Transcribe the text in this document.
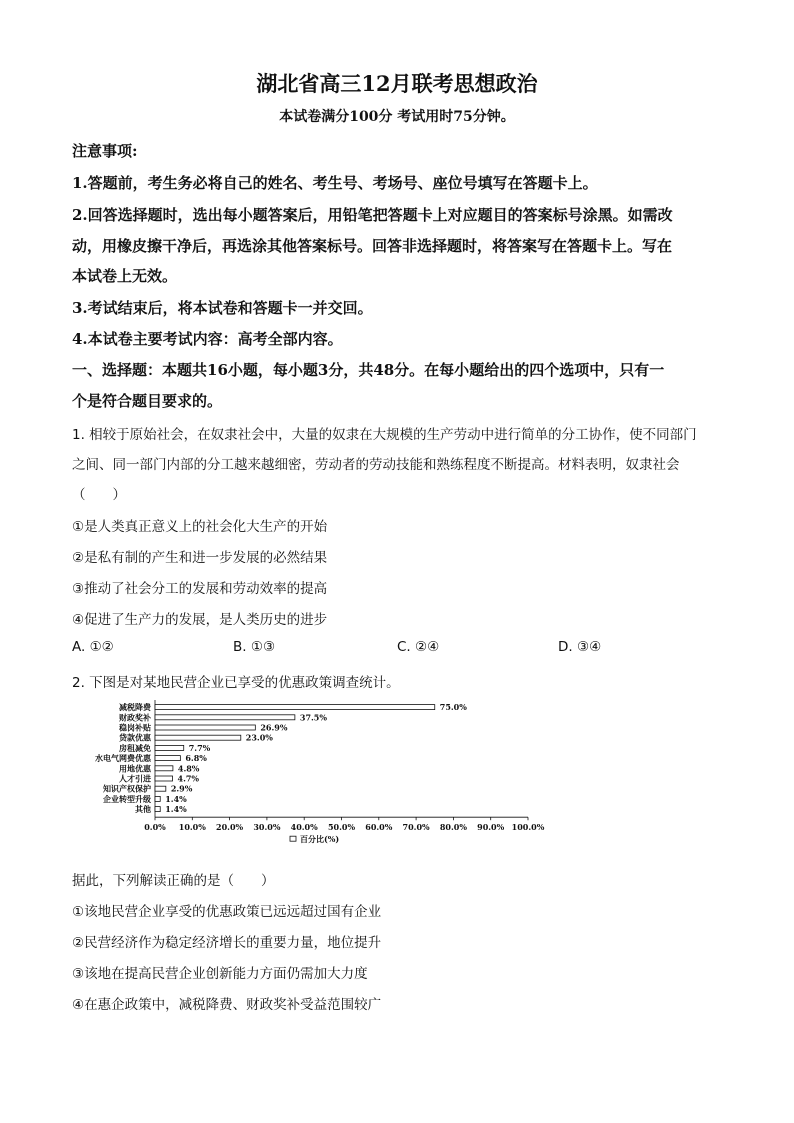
湖北省高三12月联考思想政治
本试卷满分100分 考试用时75分钟。
注意事项:
1.答题前，考生务必将自己的姓名、考生号、考场号、座位号填写在答题卡上。
2.回答选择题时，选出每小题答案后，用铅笔把答题卡上对应题目的答案标号涂黑。如需改
动，用橡皮擦干净后，再选涂其他答案标号。回答非选择题时，将答案写在答题卡上。写在
本试卷上无效。
3.考试结束后，将本试卷和答题卡一并交回。
4.本试卷主要考试内容：高考全部内容。
一、选择题：本题共16小题，每小题3分，共48分。在每小题给出的四个选项中，只有一
个是符合题目要求的。
1. 相较于原始社会，在奴隶社会中，大量的奴隶在大规模的生产劳动中进行简单的分工协作，使不同部门
之间、同一部门内部的分工越来越细密，劳动者的劳动技能和熟练程度不断提高。材料表明，奴隶社会
（　　）
①是人类真正意义上的社会化大生产的开始
②是私有制的产生和进一步发展的必然结果
③推动了社会分工的发展和劳动效率的提高
④促进了生产力的发展，是人类历史的进步
A. ①②	B. ①③	C. ②④	D. ③④
2. 下图是对某地民营企业已享受的优惠政策调查统计。
减税降费	75.0%
财政奖补	37.5%
稳岗补贴	26.9%
贷款优惠	23.0%
房租减免	7.7%
水电气网费优惠	6.8%
用地优惠	4.8%
人才引进	4.7%
知识产权保护 2.9%
企业转型升级 1.4%
其他 1.4%
0.0% 10.0% 20.0% 30.0% 40.0% 50.0% 60.0% 70.0% 80.0% 90.0% 100.0%
百分比(%)
据此，下列解读正确的是（　　）
①该地民营企业享受的优惠政策已远远超过国有企业
②民营经济作为稳定经济增长的重要力量，地位提升
③该地在提高民营企业创新能力方面仍需加大力度
④在惠企政策中，减税降费、财政奖补受益范围较广
